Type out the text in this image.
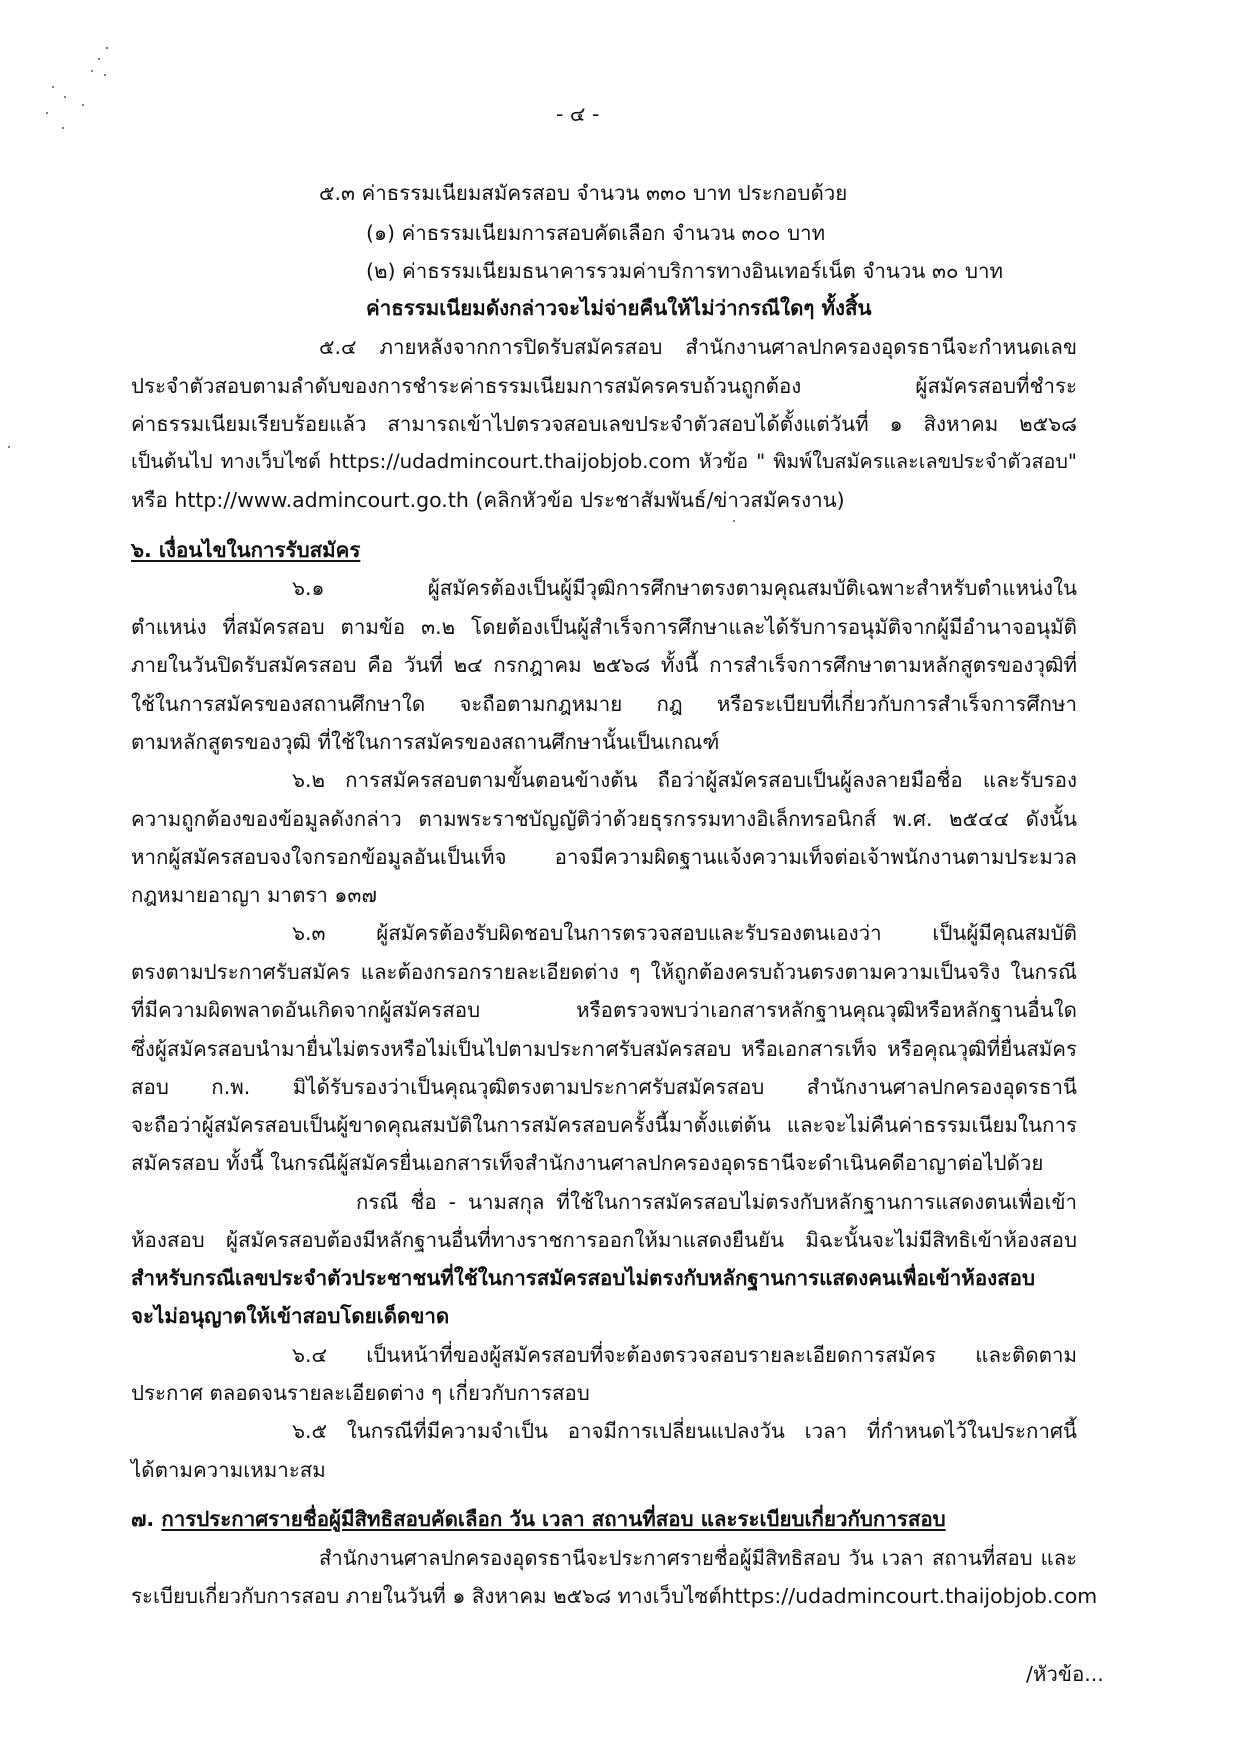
- ๔ -
๕.๓ ค่าธรรมเนียมสมัครสอบ จำนวน ๓๓๐ บาท ประกอบด้วย
(๑) ค่าธรรมเนียมการสอบคัดเลือก จำนวน ๓๐๐ บาท
(๒) ค่าธรรมเนียมธนาคารรวมค่าบริการทางอินเทอร์เน็ต จำนวน ๓๐ บาท
ค่าธรรมเนียมดังกล่าวจะไม่จ่ายคืนให้ไม่ว่ากรณีใดๆ ทั้งสิ้น
๕.๔ ภายหลังจากการปิดรับสมัครสอบ สำนักงานศาลปกครองอุดรธานีจะกำหนดเลข
ประจำตัวสอบตามลำดับของการชำระค่าธรรมเนียมการสมัครครบถ้วนถูกต้อง ผู้สมัครสอบที่ชำระ
ค่าธรรมเนียมเรียบร้อยแล้ว สามารถเข้าไปตรวจสอบเลขประจำตัวสอบได้ตั้งแต่วันที่ ๑ สิงหาคม ๒๕๖๘
เป็นต้นไป ทางเว็บไซต์ https://udadmincourt.thaijobjob.com หัวข้อ " พิมพ์ใบสมัครและเลขประจำตัวสอบ"
หรือ http://www.admincourt.go.th (คลิกหัวข้อ ประชาสัมพันธ์/ข่าวสมัครงาน)
๖. เงื่อนไขในการรับสมัคร
๖.๑ ผู้สมัครต้องเป็นผู้มีวุฒิการศึกษาตรงตามคุณสมบัติเฉพาะสำหรับตำแหน่งใน
ตำแหน่ง ที่สมัครสอบ ตามข้อ ๓.๒ โดยต้องเป็นผู้สำเร็จการศึกษาและได้รับการอนุมัติจากผู้มีอำนาจอนุมัติ
ภายในวันปิดรับสมัครสอบ คือ วันที่ ๒๔ กรกฎาคม ๒๕๖๘ ทั้งนี้ การสำเร็จการศึกษาตามหลักสูตรของวุฒิที่
ใช้ในการสมัครของสถานศึกษาใด จะถือตามกฎหมาย กฎ หรือระเบียบที่เกี่ยวกับการสำเร็จการศึกษา
ตามหลักสูตรของวุฒิ ที่ใช้ในการสมัครของสถานศึกษานั้นเป็นเกณฑ์
๖.๒ การสมัครสอบตามขั้นตอนข้างต้น ถือว่าผู้สมัครสอบเป็นผู้ลงลายมือชื่อ และรับรอง
ความถูกต้องของข้อมูลดังกล่าว ตามพระราชบัญญัติว่าด้วยธุรกรรมทางอิเล็กทรอนิกส์ พ.ศ. ๒๕๔๔ ดังนั้น
หากผู้สมัครสอบจงใจกรอกข้อมูลอันเป็นเท็จ อาจมีความผิดฐานแจ้งความเท็จต่อเจ้าพนักงานตามประมวล
กฎหมายอาญา มาตรา ๑๓๗
๖.๓ ผู้สมัครต้องรับผิดชอบในการตรวจสอบและรับรองตนเองว่า เป็นผู้มีคุณสมบัติ
ตรงตามประกาศรับสมัคร และต้องกรอกรายละเอียดต่าง ๆ ให้ถูกต้องครบถ้วนตรงตามความเป็นจริง ในกรณี
ที่มีความผิดพลาดอันเกิดจากผู้สมัครสอบ หรือตรวจพบว่าเอกสารหลักฐานคุณวุฒิหรือหลักฐานอื่นใด
ซึ่งผู้สมัครสอบนำมายื่นไม่ตรงหรือไม่เป็นไปตามประกาศรับสมัครสอบ หรือเอกสารเท็จ หรือคุณวุฒิที่ยื่นสมัคร
สอบ ก.พ. มิได้รับรองว่าเป็นคุณวุฒิตรงตามประกาศรับสมัครสอบ สำนักงานศาลปกครองอุดรธานี
จะถือว่าผู้สมัครสอบเป็นผู้ขาดคุณสมบัติในการสมัครสอบครั้งนี้มาตั้งแต่ต้น และจะไม่คืนค่าธรรมเนียมในการ
สมัครสอบ ทั้งนี้ ในกรณีผู้สมัครยื่นเอกสารเท็จสำนักงานศาลปกครองอุดรธานีจะดำเนินคดีอาญาต่อไปด้วย
กรณี ชื่อ - นามสกุล ที่ใช้ในการสมัครสอบไม่ตรงกับหลักฐานการแสดงตนเพื่อเข้า
ห้องสอบ ผู้สมัครสอบต้องมีหลักฐานอื่นที่ทางราชการออกให้มาแสดงยืนยัน มิฉะนั้นจะไม่มีสิทธิเข้าห้องสอบ
สำหรับกรณีเลขประจำตัวประชาชนที่ใช้ในการสมัครสอบไม่ตรงกับหลักฐานการแสดงคนเพื่อเข้าห้องสอบ
จะไม่อนุญาตให้เข้าสอบโดยเด็ดขาด
๖.๔ เป็นหน้าที่ของผู้สมัครสอบที่จะต้องตรวจสอบรายละเอียดการสมัคร และติดตาม
ประกาศ ตลอดจนรายละเอียดต่าง ๆ เกี่ยวกับการสอบ
๖.๕ ในกรณีที่มีความจำเป็น อาจมีการเปลี่ยนแปลงวัน เวลา ที่กำหนดไว้ในประกาศนี้
ได้ตามความเหมาะสม
๗. การประกาศรายชื่อผู้มีสิทธิสอบคัดเลือก วัน เวลา สถานที่สอบ และระเบียบเกี่ยวกับการสอบ
สำนักงานศาลปกครองอุดรธานีจะประกาศรายชื่อผู้มีสิทธิสอบ วัน เวลา สถานที่สอบ และ
ระเบียบเกี่ยวกับการสอบ ภายในวันที่ ๑ สิงหาคม ๒๕๖๘ ทางเว็บไซต์https://udadmincourt.thaijobjob.com
/หัวข้อ...
